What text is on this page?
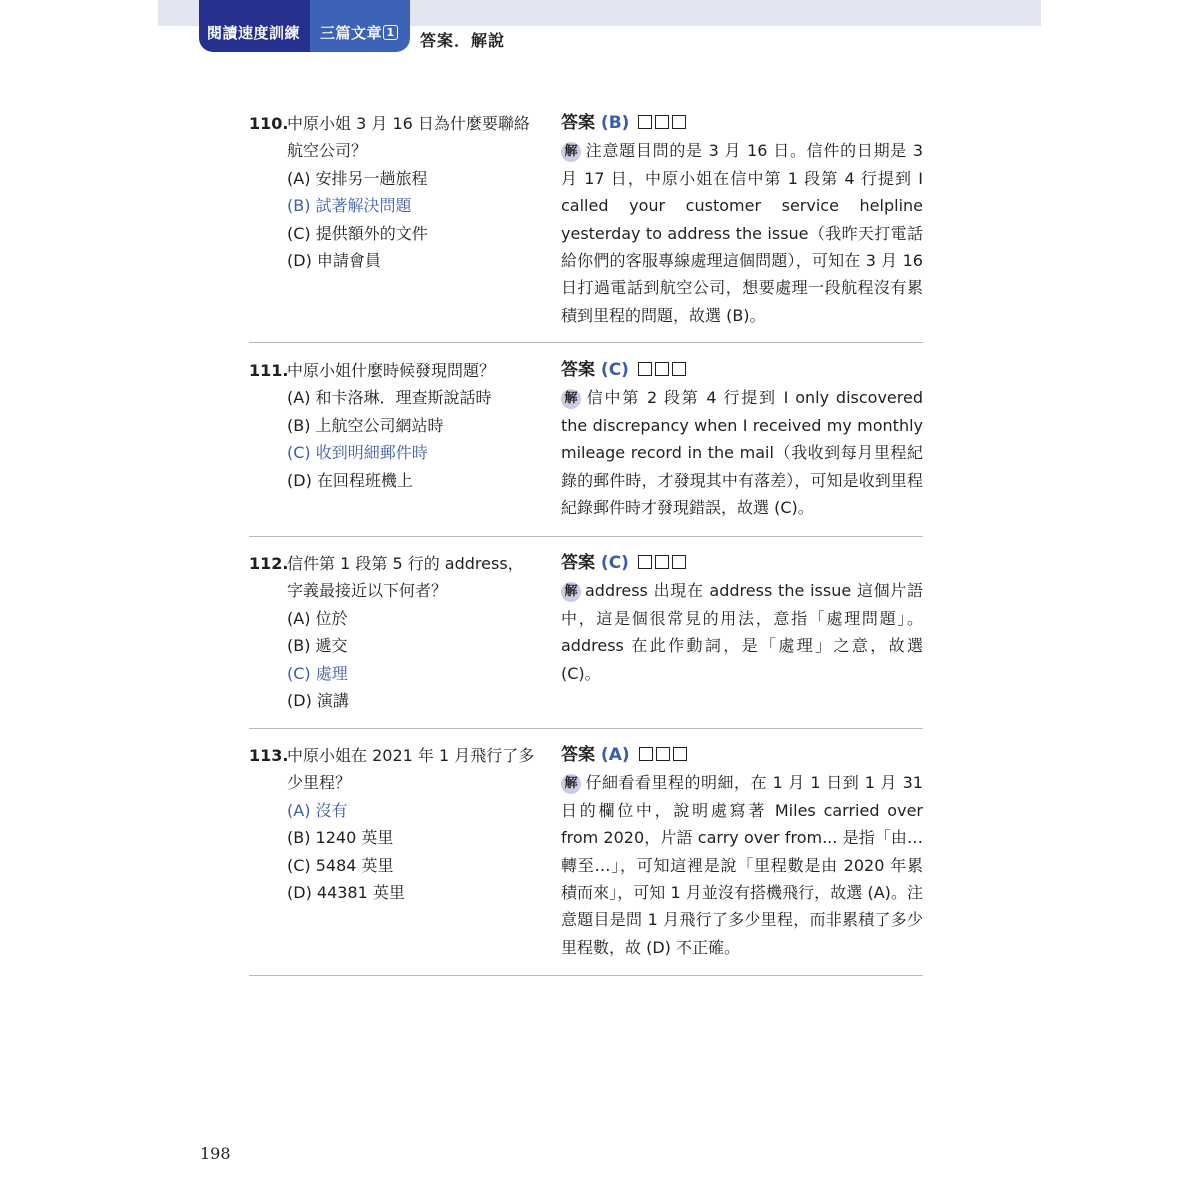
閱讀速度訓練 三篇文章 1 答案．解說
110.
中原小姐 3 月 16 日為什麼要聯絡航空公司？
(A) 安排另一趟旅程
(B) 試著解決問題
(C) 提供額外的文件
(D) 申請會員
答案 (B)
解 注意題目問的是 3 月 16 日。信件的日期是 3 月 17 日，中原小姐在信中第 1 段第 4 行提到 I called your customer service helpline yesterday to address the issue（我昨天打電話給你們的客服專線處理這個問題），可知在 3 月 16 日打過電話到航空公司，想要處理一段航程沒有累積到里程的問題，故選 (B)。
111.
中原小姐什麼時候發現問題？
(A) 和卡洛琳．理查斯說話時
(B) 上航空公司網站時
(C) 收到明細郵件時
(D) 在回程班機上
答案 (C)
解 信中第 2 段第 4 行提到 I only discovered the discrepancy when I received my monthly mileage record in the mail（我收到每月里程紀錄的郵件時，才發現其中有落差），可知是收到里程紀錄郵件時才發現錯誤，故選 (C)。
112.
信件第 1 段第 5 行的 address，字義最接近以下何者？
(A) 位於
(B) 遞交
(C) 處理
(D) 演講
答案 (C)
解 address 出現在 address the issue 這個片語中，這是個很常見的用法，意指「處理問題」。address 在此作動詞，是「處理」之意，故選 (C)。
113.
中原小姐在 2021 年 1 月飛行了多少里程？
(A) 沒有
(B) 1240 英里
(C) 5484 英里
(D) 44381 英里
答案 (A)
解 仔細看看里程的明細，在 1 月 1 日到 1 月 31 日的欄位中，說明處寫著 Miles carried over from 2020，片語 carry over from... 是指「由…轉至…」，可知這裡是說「里程數是由 2020 年累積而來」，可知 1 月並沒有搭機飛行，故選 (A)。注意題目是問 1 月飛行了多少里程，而非累積了多少里程數，故 (D) 不正確。
198
